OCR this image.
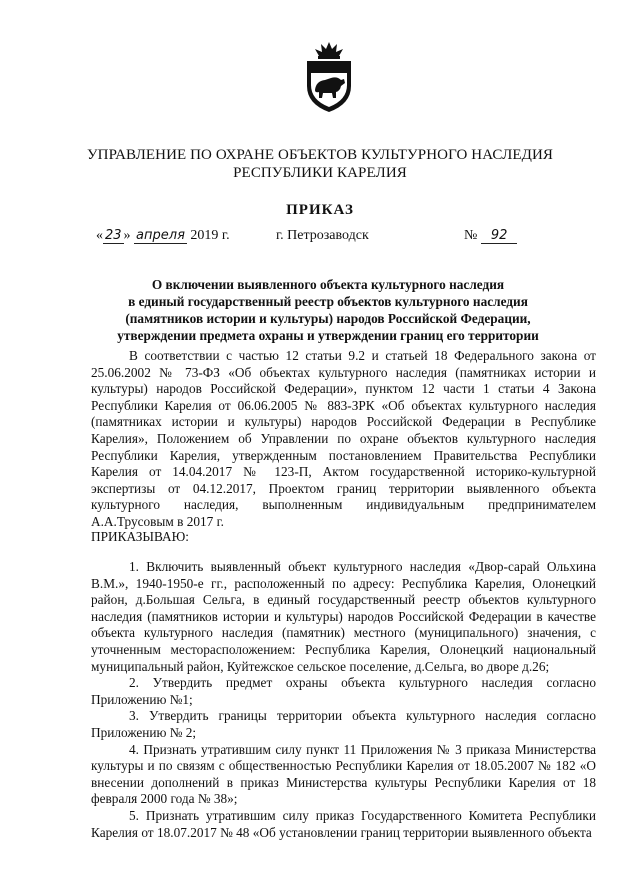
УПРАВЛЕНИЕ ПО ОХРАНЕ ОБЪЕКТОВ КУЛЬТУРНОГО НАСЛЕДИЯ
РЕСПУБЛИКИ КАРЕЛИЯ
ПРИКАЗ
« 23 » апреля 2019 г.	г. Петрозаводск	№ 92
О включении выявленного объекта культурного наследия
в единый государственный реестр объектов культурного наследия
(памятников истории и культуры) народов Российской Федерации,
утверждении предмета охраны и утверждении границ его территории

В соответствии с частью 12 статьи 9.2 и статьей 18 Федерального закона от 25.06.2002 № 73-ФЗ «Об объектах культурного наследия (памятниках истории и культуры) народов Российской Федерации», пунктом 12 части 1 статьи 4 Закона Республики Карелия от 06.06.2005 № 883-ЗРК «Об объектах культурного наследия (памятниках истории и культуры) народов Российской Федерации в Республике Карелия», Положением об Управлении по охране объектов культурного наследия Республики Карелия, утвержденным постановлением Правительства Республики Карелия от 14.04.2017 № 123-П, Актом государственной историко-культурной экспертизы от 04.12.2017, Проектом границ территории выявленного объекта культурного наследия, выполненным индивидуальным предпринимателем А.А.Трусовым в 2017 г.

ПРИКАЗЫВАЮ:

1. Включить выявленный объект культурного наследия «Двор-сарай Ольхина В.М.», 1940-1950-е гг., расположенный по адресу: Республика Карелия, Олонецкий район, д.Большая Сельга, в единый государственный реестр объектов культурного наследия (памятников истории и культуры) народов Российской Федерации в качестве объекта культурного наследия (памятник) местного (муниципального) значения, с уточненным месторасположением: Республика Карелия, Олонецкий национальный муниципальный район, Куйтежское сельское поселение, д.Сельга, во дворе д.26;

2. Утвердить предмет охраны объекта культурного наследия согласно Приложению №1;

3. Утвердить границы территории объекта культурного наследия согласно Приложению № 2;

4. Признать утратившим силу пункт 11 Приложения № 3 приказа Министерства культуры и по связям с общественностью Республики Карелия от 18.05.2007 № 182 «О внесении дополнений в приказ Министерства культуры Республики Карелия от 18 февраля 2000 года № 38»;

5. Признать утратившим силу приказ Государственного Комитета Республики Карелия от 18.07.2017 № 48 «Об установлении границ территории выявленного объекта
